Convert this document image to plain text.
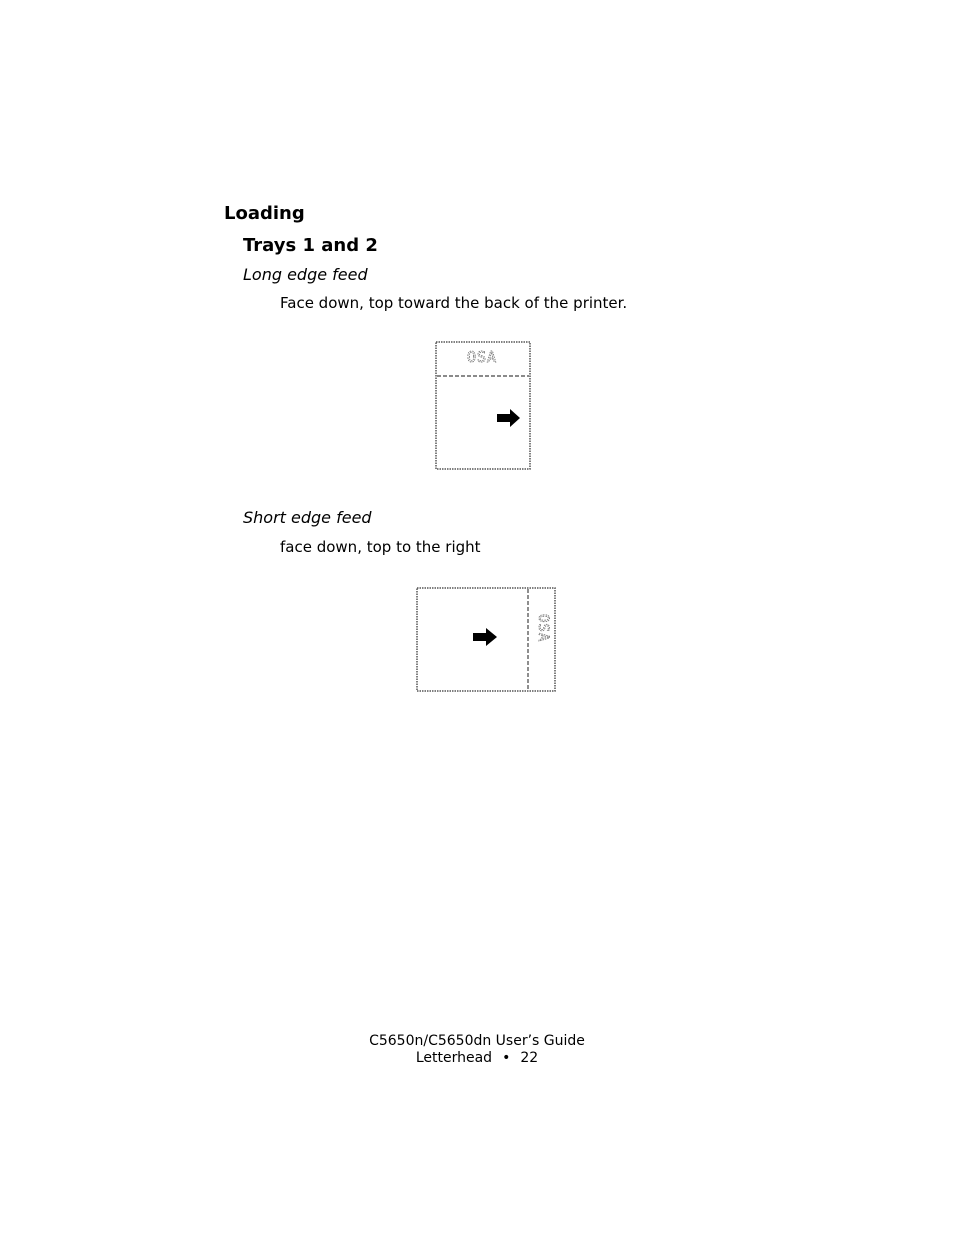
Loading
Trays 1 and 2

Long edge feed

Face down, top toward the back of the printer.

OSA

Short edge feed

face down, top to the right

OSA

C5650n/C5650dn User’s Guide

Letterhead • 22
